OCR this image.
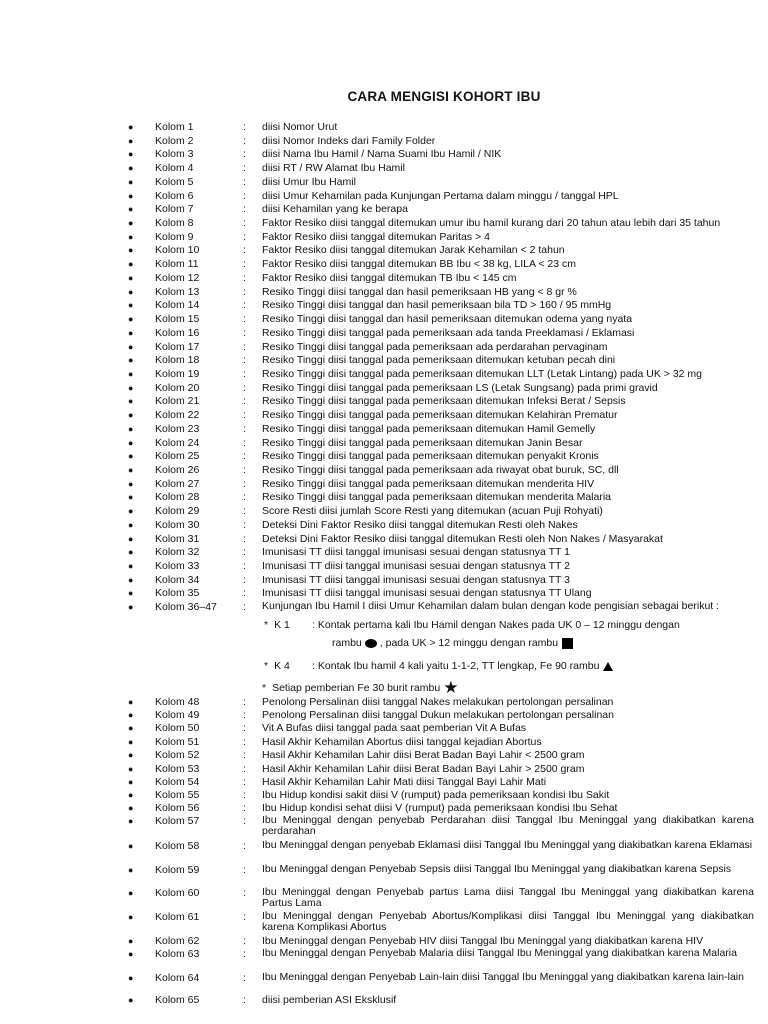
CARA MENGISI KOHORT IBU
● Kolom 1	: diisi Nomor Urut
● Kolom 2	: diisi Nomor Indeks dari Family Folder
● Kolom 3	: diisi Nama Ibu Hamil / Nama Suami Ibu Hamil / NIK
● Kolom 4	: diisi RT / RW Alamat Ibu Hamil
● Kolom 5	: diisi Umur Ibu Hamil
● Kolom 6	: diisi Umur Kehamilan pada Kunjungan Pertama dalam minggu / tanggal HPL
● Kolom 7	: diisi Kehamilan yang ke berapa
● Kolom 8	: Faktor Resiko diisi tanggal ditemukan umur ibu hamil kurang dari 20 tahun atau lebih dari 35 tahun
● Kolom 9	: Faktor Resiko diisi tanggal ditemukan Paritas > 4
● Kolom 10	: Faktor Resiko diisi tanggal ditemukan Jarak Kehamilan < 2 tahun
● Kolom 11	: Faktor Resiko diisi tanggal ditemukan BB Ibu < 38 kg, LILA < 23 cm
● Kolom 12	: Faktor Resiko diisi tanggal ditemukan TB Ibu < 145 cm
● Kolom 13	: Resiko Tinggi diisi tanggal dan hasil pemeriksaan HB yang < 8 gr %
● Kolom 14	: Resiko Tinggi diisi tanggal dan hasil pemeriksaan bila TD > 160 / 95 mmHg
● Kolom 15	: Resiko Tinggi diisi tanggal dan hasil pemeriksaan ditemukan odema yang nyata
● Kolom 16	: Resiko Tinggi diisi tanggal pada pemeriksaan ada tanda Preeklamasi / Eklamasi
● Kolom 17	: Resiko Tinggi diisi tanggal pada pemeriksaan ada perdarahan pervaginam
● Kolom 18	: Resiko Tinggi diisi tanggal pada pemeriksaan ditemukan ketuban pecah dini
● Kolom 19	: Resiko Tinggi diisi tanggal pada pemeriksaan ditemukan LLT (Letak Lintang) pada UK > 32 mg
● Kolom 20	: Resiko Tinggi diisi tanggal pada pemeriksaan LS (Letak Sungsang) pada primi gravid
● Kolom 21	: Resiko Tinggi diisi tanggal pada pemeriksaan ditemukan Infeksi Berat / Sepsis
● Kolom 22	: Resiko Tinggi diisi tanggal pada pemeriksaan ditemukan Kelahiran Prematur
● Kolom 23	: Resiko Tinggi diisi tanggal pada pemeriksaan ditemukan Hamil Gemelly
● Kolom 24	: Resiko Tinggi diisi tanggal pada pemeriksaan ditemukan Janin Besar
● Kolom 25	: Resiko Tinggi diisi tanggal pada pemeriksaan ditemukan penyakit Kronis
● Kolom 26	: Resiko Tinggi diisi tanggal pada pemeriksaan ada riwayat obat buruk, SC, dll
● Kolom 27	: Resiko Tinggi diisi tanggal pada pemeriksaan ditemukan menderita HIV
● Kolom 28	: Resiko Tinggi diisi tanggal pada pemeriksaan ditemukan menderita Malaria
● Kolom 29	: Score Resti diisi jumlah Score Resti yang ditemukan (acuan Puji Rohyati)
● Kolom 30	: Deteksi Dini Faktor Resiko diisi tanggal ditemukan Resti oleh Nakes
● Kolom 31	: Deteksi Dini Faktor Resiko diisi tanggal ditemukan Resti oleh Non Nakes / Masyarakat
● Kolom 32	: Imunisasi TT diisi tanggal imunisasi sesuai dengan statusnya TT 1
● Kolom 33	: Imunisasi TT diisi tanggal imunisasi sesuai dengan statusnya TT 2
● Kolom 34	: Imunisasi TT diisi tanggal imunisasi sesuai dengan statusnya TT 3
● Kolom 35	: Imunisasi TT diisi tanggal imunisasi sesuai dengan statusnya TT Ulang
● Kolom 36–47 : Kunjungan Ibu Hamil I diisi Umur Kehamilan dalam bulan dengan kode pengisian sebagai berikut :
* K 1 : Kontak pertama kali Ibu Hamil dengan Nakes pada UK 0 – 12 minggu dengan
rambu , pada UK > 12 minggu dengan rambu
* K 4 : Kontak Ibu hamil 4 kali yaitu 1-1-2, TT lengkap, Fe 90 rambu
* Setiap pemberian Fe 30 burit rambu ★
● Kolom 48	: Penolong Persalinan diisi tanggal Nakes melakukan pertolongan persalinan
● Kolom 49	: Penolong Persalinan diisi tanggal Dukun melakukan pertolongan persalinan
● Kolom 50	: Vit A Bufas diisi tanggal pada saat pemberian Vit A Bufas
● Kolom 51	: Hasil Akhir Kehamilan Abortus diisi tanggal kejadian Abortus
● Kolom 52	: Hasil Akhir Kehamilan Lahir diisi Berat Badan Bayi Lahir < 2500 gram
● Kolom 53	: Hasil Akhir Kehamilan Lahir diisi Berat Badan Bayi Lahir > 2500 gram
● Kolom 54	: Hasil Akhir Kehamilan Lahir Mati diisi Tanggal Bayi Lahir Mati
● Kolom 55	: Ibu Hidup kondisi sakit diisi V (rumput) pada pemeriksaan kondisi Ibu Sakit
● Kolom 56	: Ibu Hidup kondisi sehat diisi V (rumput) pada pemeriksaan kondisi Ibu Sehat
● Kolom 57	: Ibu Meninggal dengan penyebab Perdarahan diisi Tanggal Ibu Meninggal yang diakibatkan karena perdarahan
● Kolom 58	: Ibu Meninggal dengan penyebab Eklamasi diisi Tanggal Ibu Meninggal yang diakibatkan karena Eklamasi
● Kolom 59	: Ibu Meninggal dengan Penyebab Sepsis diisi Tanggal Ibu Meninggal yang diakibatkan karena Sepsis
● Kolom 60	: Ibu Meninggal dengan Penyebab partus Lama diisi Tanggal Ibu Meninggal yang diakibatkan karena Partus Lama
● Kolom 61	: Ibu Meninggal dengan Penyebab Abortus/Komplikasi diisi Tanggal Ibu Meninggal yang diakibatkan karena Komplikasi Abortus
● Kolom 62	: Ibu Meninggal dengan Penyebab HIV diisi Tanggal Ibu Meninggal yang diakibatkan karena HIV
● Kolom 63	: Ibu Meninggal dengan Penyebab Malaria diisi Tanggal Ibu Meninggal yang diakibatkan karena Malaria
● Kolom 64	: Ibu Meninggal dengan Penyebab Lain-lain diisi Tanggal Ibu Meninggal yang diakibatkan karena lain-lain
● Kolom 65	: diisi pemberian ASI Eksklusif
